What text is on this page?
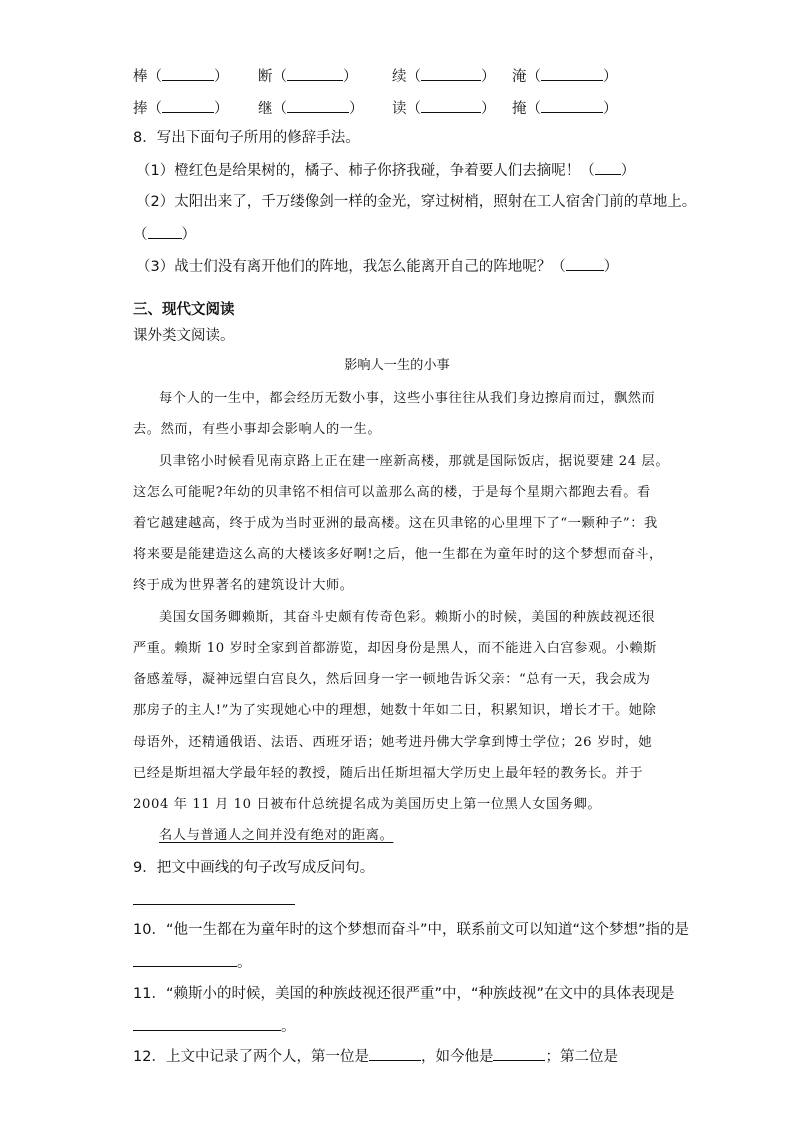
棒（	） 断（	） 续（	） 淹（	）
捧（	） 继（	） 读（	） 掩（	）
8．写出下面句子所用的修辞手法。
（1）橙红色是给果树的，橘子、柿子你挤我碰，争着要人们去摘呢！（ ）
（2）太阳出来了，千万缕像剑一样的金光，穿过树梢，照射在工人宿舍门前的草地上。
（ ）
（3）战士们没有离开他们的阵地，我怎么能离开自己的阵地呢？（	）
三、现代文阅读
课外类文阅读。
影响人一生的小事
每个人的一生中，都会经历无数小事，这些小事往往从我们身边擦肩而过，飘然而
去。然而，有些小事却会影响人的一生。
贝聿铭小时候看见南京路上正在建一座新高楼，那就是国际饭店，据说要建 24 层。
这怎么可能呢?年幼的贝聿铭不相信可以盖那么高的楼，于是每个星期六都跑去看。看
着它越建越高，终于成为当时亚洲的最高楼。这在贝聿铭的心里埋下了“一颗种子”：我
将来要是能建造这么高的大楼该多好啊!之后，他一生都在为童年时的这个梦想而奋斗，
终于成为世界著名的建筑设计大师。
美国女国务卿赖斯，其奋斗史颇有传奇色彩。赖斯小的时候，美国的种族歧视还很
严重。赖斯 10 岁时全家到首都游览，却因身份是黑人，而不能进入白宫参观。小赖斯
备感羞辱，凝神远望白宫良久，然后回身一字一顿地告诉父亲：“总有一天，我会成为
那房子的主人!”为了实现她心中的理想，她数十年如二日，积累知识，增长才干。她除
母语外，还精通俄语、法语、西班牙语；她考进丹佛大学拿到博士学位；26 岁时，她
已经是斯坦福大学最年轻的教授，随后出任斯坦福大学历史上最年轻的教务长。并于
2004 年 11 月 10 日被布什总统提名成为美国历史上第一位黑人女国务卿。
名人与普通人之间并没有绝对的距离。
9．把文中画线的句子改写成反问句。
10．“他一生都在为童年时的这个梦想而奋斗”中，联系前文可以知道“这个梦想”指的是
。
11．“赖斯小的时候，美国的种族歧视还很严重”中，“种族歧视”在文中的具体表现是
。
12．上文中记录了两个人，第一位是	，如今他是	；第二位是
